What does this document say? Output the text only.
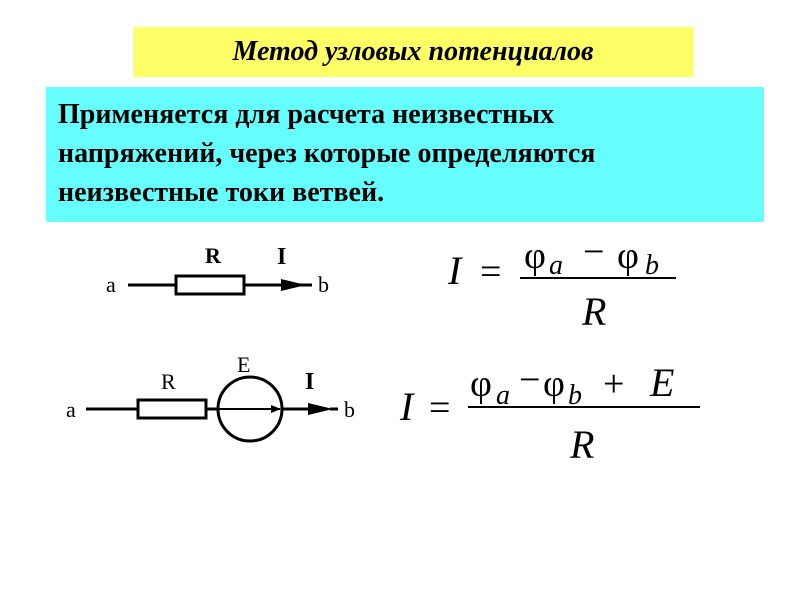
Метод узловых потенциалов
Применяется для расчета неизвестных
напряжений, через которые определяются
неизвестные токи ветвей.
a	b
R I
a	b
R
E
I
I = φ a − φ b
R
I =
φ a − φ b + E
R
